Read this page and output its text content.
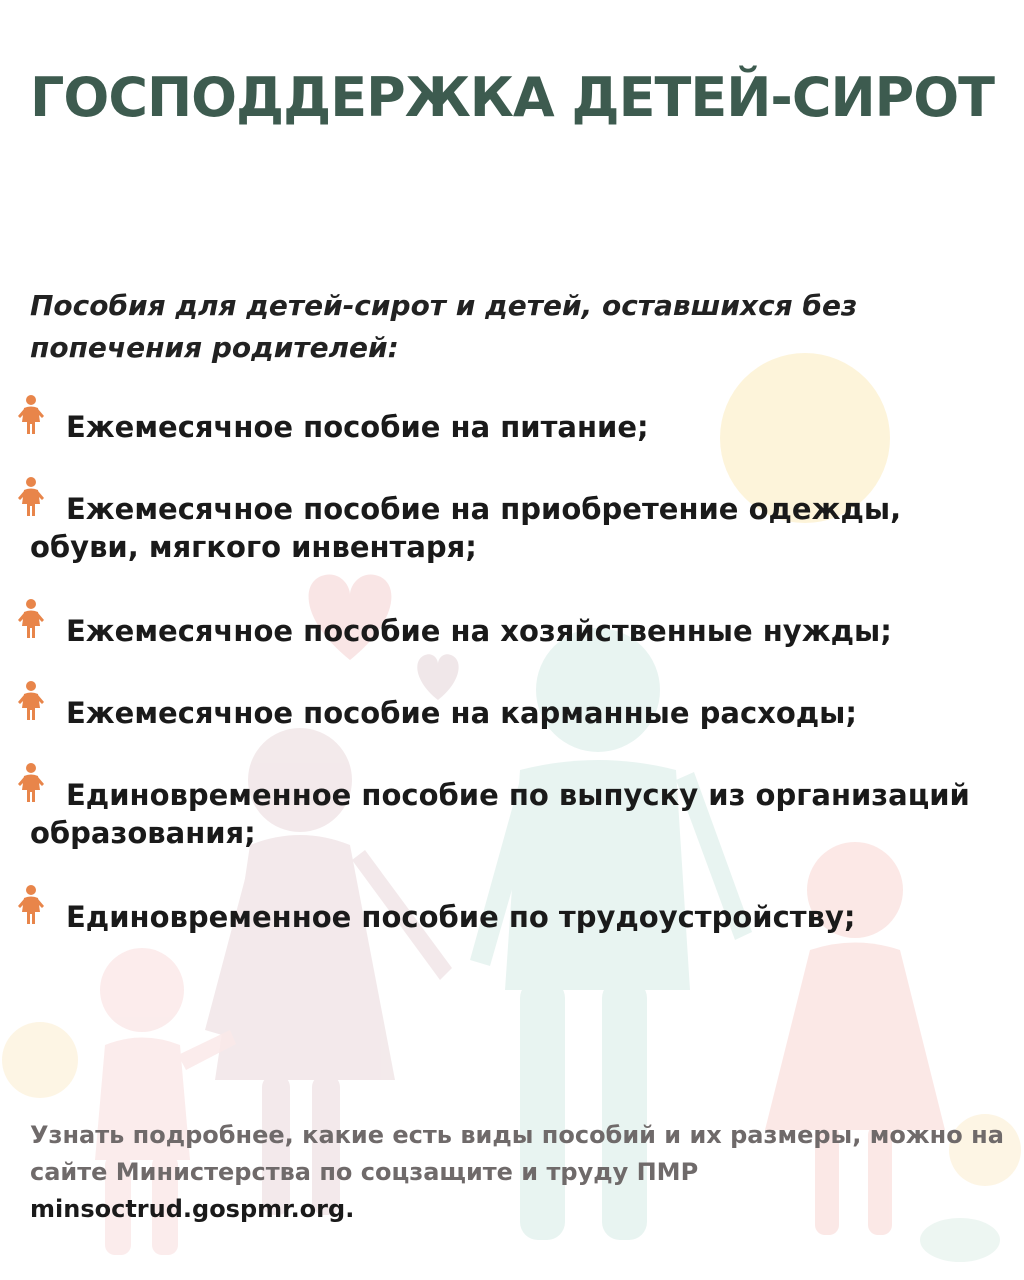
ГОСПОДДЕРЖКА ДЕТЕЙ-СИРОТ

Пособия для детей-сирот и детей, оставшихся без попечения родителей:

Ежемесячное пособие на питание;
Ежемесячное пособие на приобретение одежды, обуви, мягкого инвентаря;
Ежемесячное пособие на хозяйственные нужды;
Ежемесячное пособие на карманные расходы;
Единовременное пособие по выпуску из организаций образования;
Единовременное пособие по трудоустройству;

Узнать подробнее, какие есть виды пособий и их размеры, можно на сайте Министерства по соцзащите и труду ПМР
minsoctrud.gospmr.org.
